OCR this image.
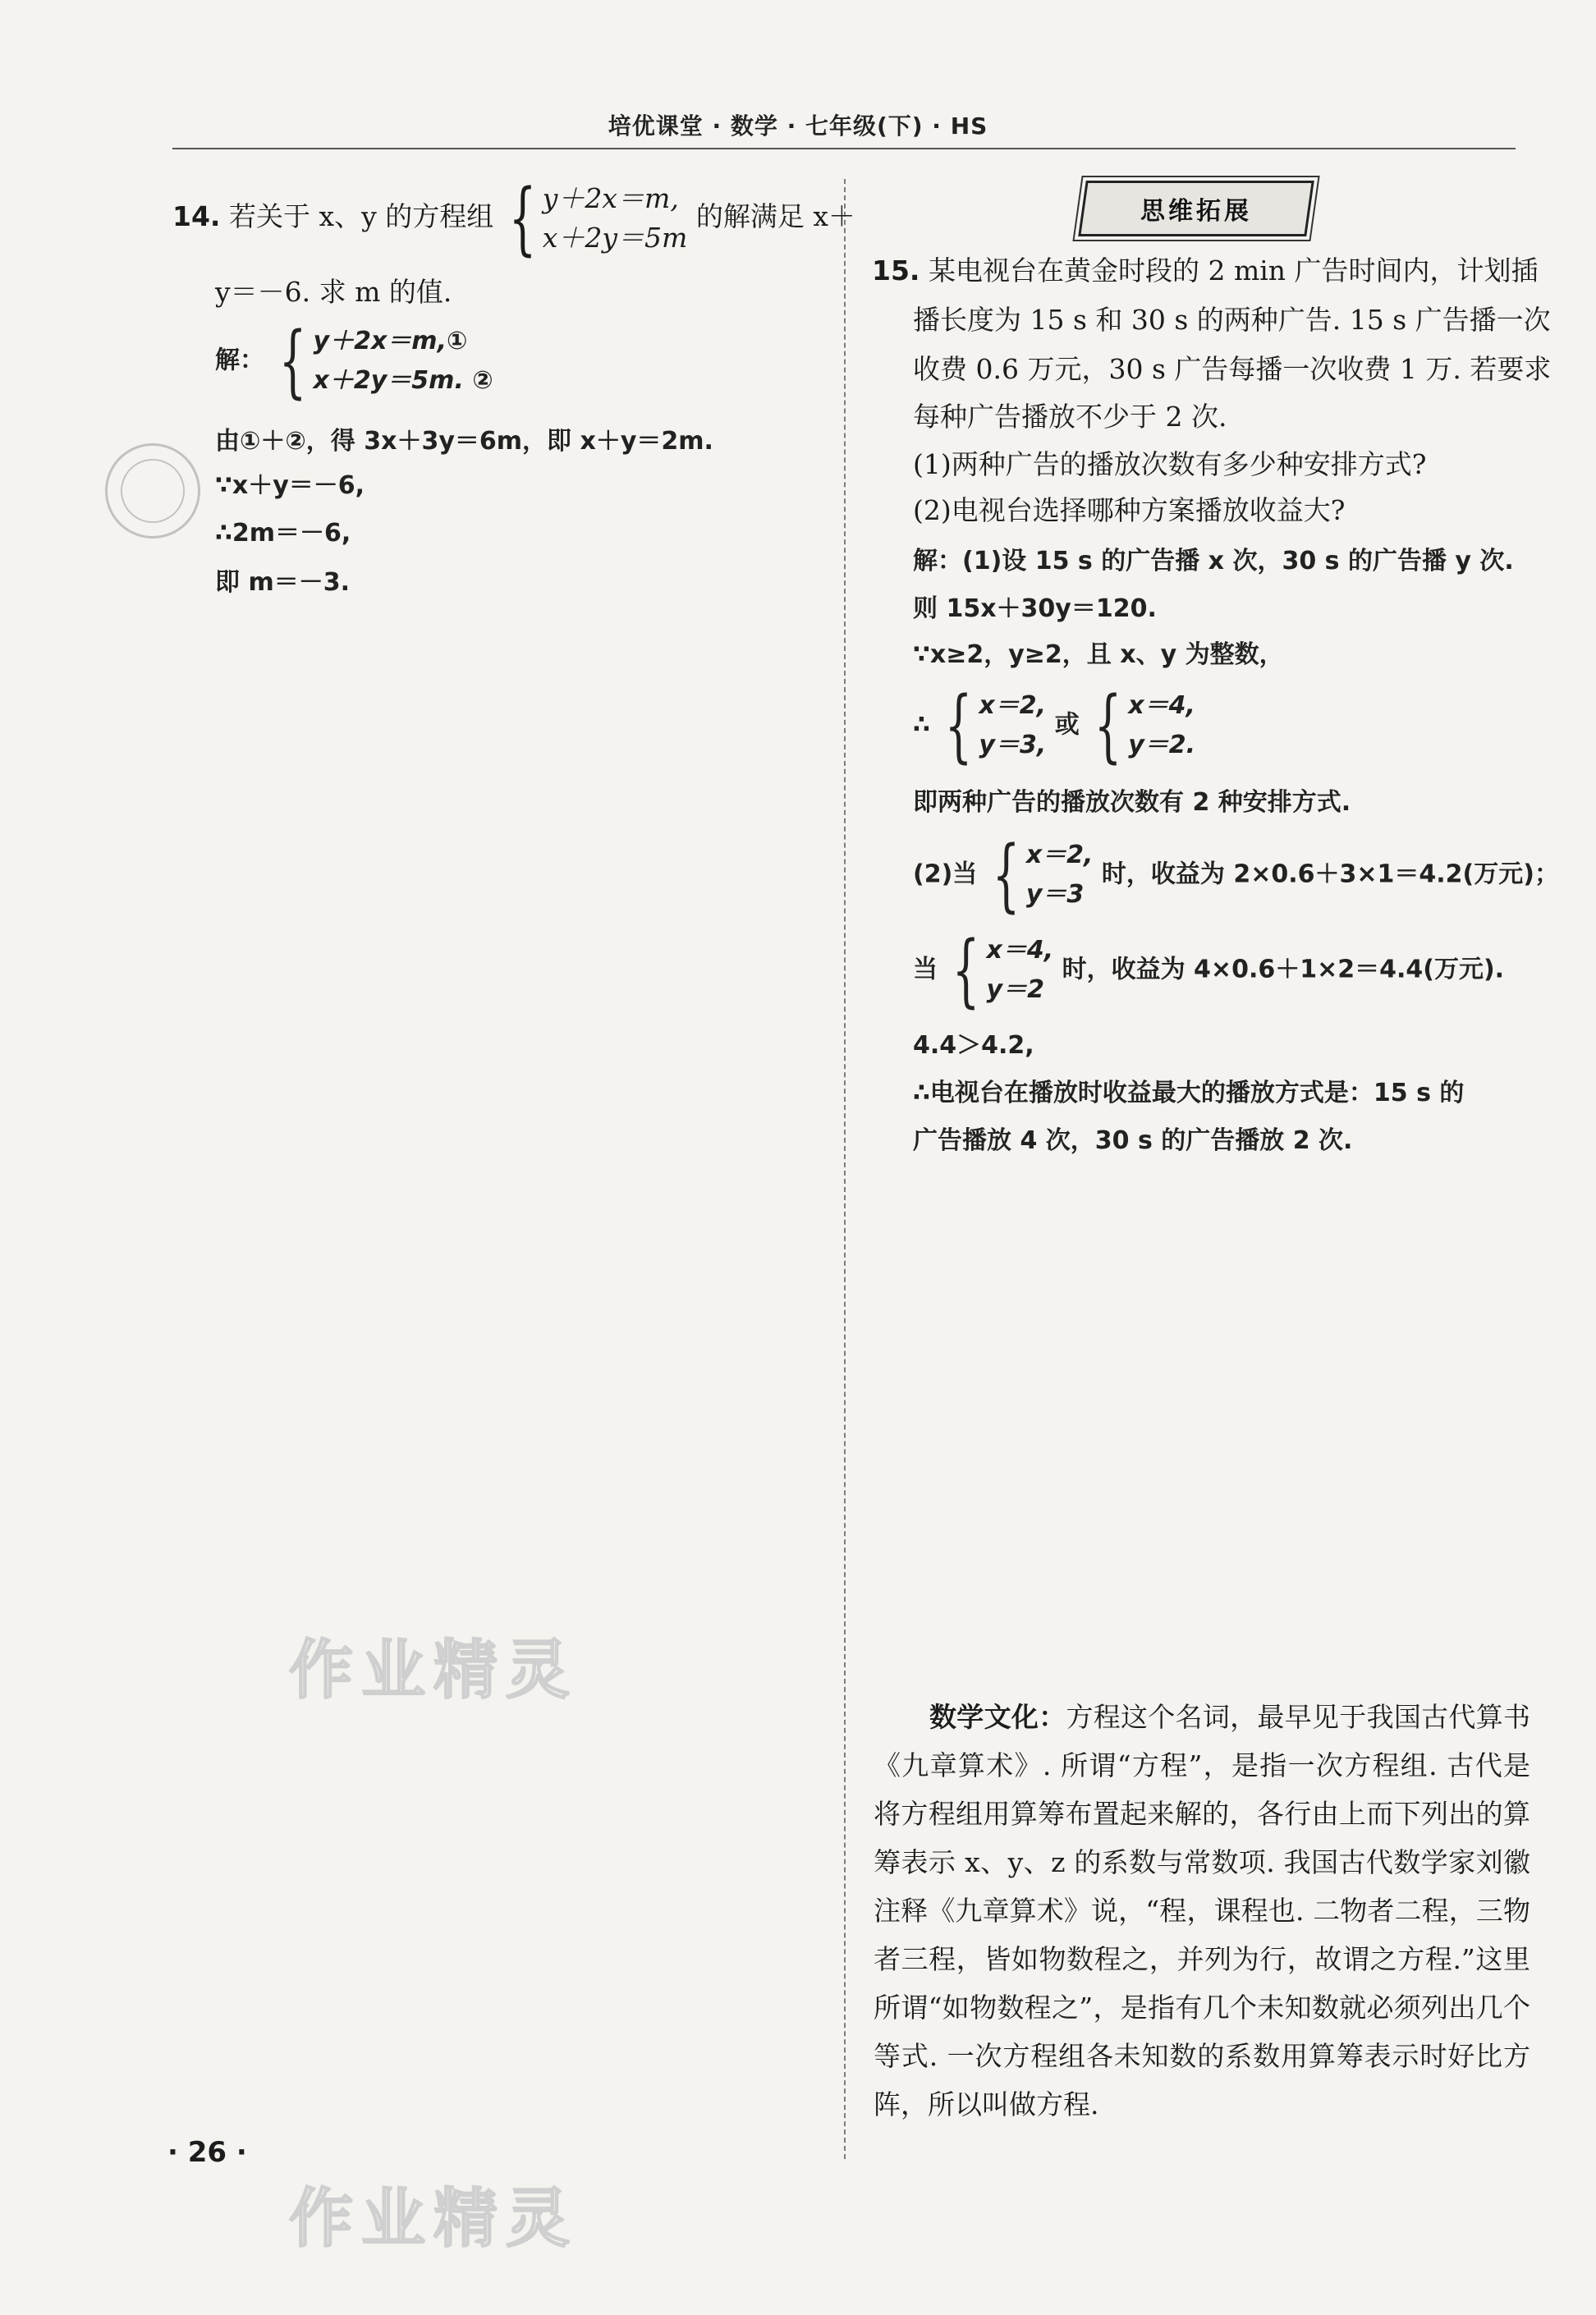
培优课堂 · 数学 · 七年级(下) · HS
14. 若关于 x、y 的方程组 { y＋2x＝m,
x＋2y＝5m
的解满足 x＋
y＝－6. 求 m 的值.
解： { y＋2x＝m,①
x＋2y＝5m. ②
由①＋②，得 3x＋3y＝6m，即 x＋y＝2m.
∵x＋y＝－6,
∴2m＝－6,
即 m＝－3.
思维拓展
15. 某电视台在黄金时段的 2 min 广告时间内，计划插
播长度为 15 s 和 30 s 的两种广告. 15 s 广告播一次
收费 0.6 万元，30 s 广告每播一次收费 1 万. 若要求
每种广告播放不少于 2 次.
(1)两种广告的播放次数有多少种安排方式?
(2)电视台选择哪种方案播放收益大?
解：(1)设 15 s 的广告播 x 次，30 s 的广告播 y 次.
则 15x＋30y＝120.
∵x≥2，y≥2，且 x、y 为整数，
∴ { x＝2,
y＝3,
或 { x＝4,
y＝2.
即两种广告的播放次数有 2 种安排方式.
(2)当 { x＝2,
y＝3
时，收益为 2×0.6＋3×1＝4.2(万元)；
当 { x＝4,
y＝2
时，收益为 4×0.6＋1×2＝4.4(万元).
4.4＞4.2,
∴电视台在播放时收益最大的播放方式是：15 s 的
广告播放 4 次，30 s 的广告播放 2 次.
数学文化：方程这个名词，最早见于我国古代算书《九章算术》. 所谓“方程”，是指一次方程组. 古代是将方程组用算筹布置起来解的，各行由上而下列出的算筹表示 x、y、z 的系数与常数项. 我国古代数学家刘徽注释《九章算术》说，“程，课程也. 二物者二程，三物者三程，皆如物数程之，并列为行，故谓之方程.”这里所谓“如物数程之”，是指有几个未知数就必须列出几个等式. 一次方程组各未知数的系数用算筹表示时好比方阵，所以叫做方程.
作业精灵
作业精灵
· 26 ·
